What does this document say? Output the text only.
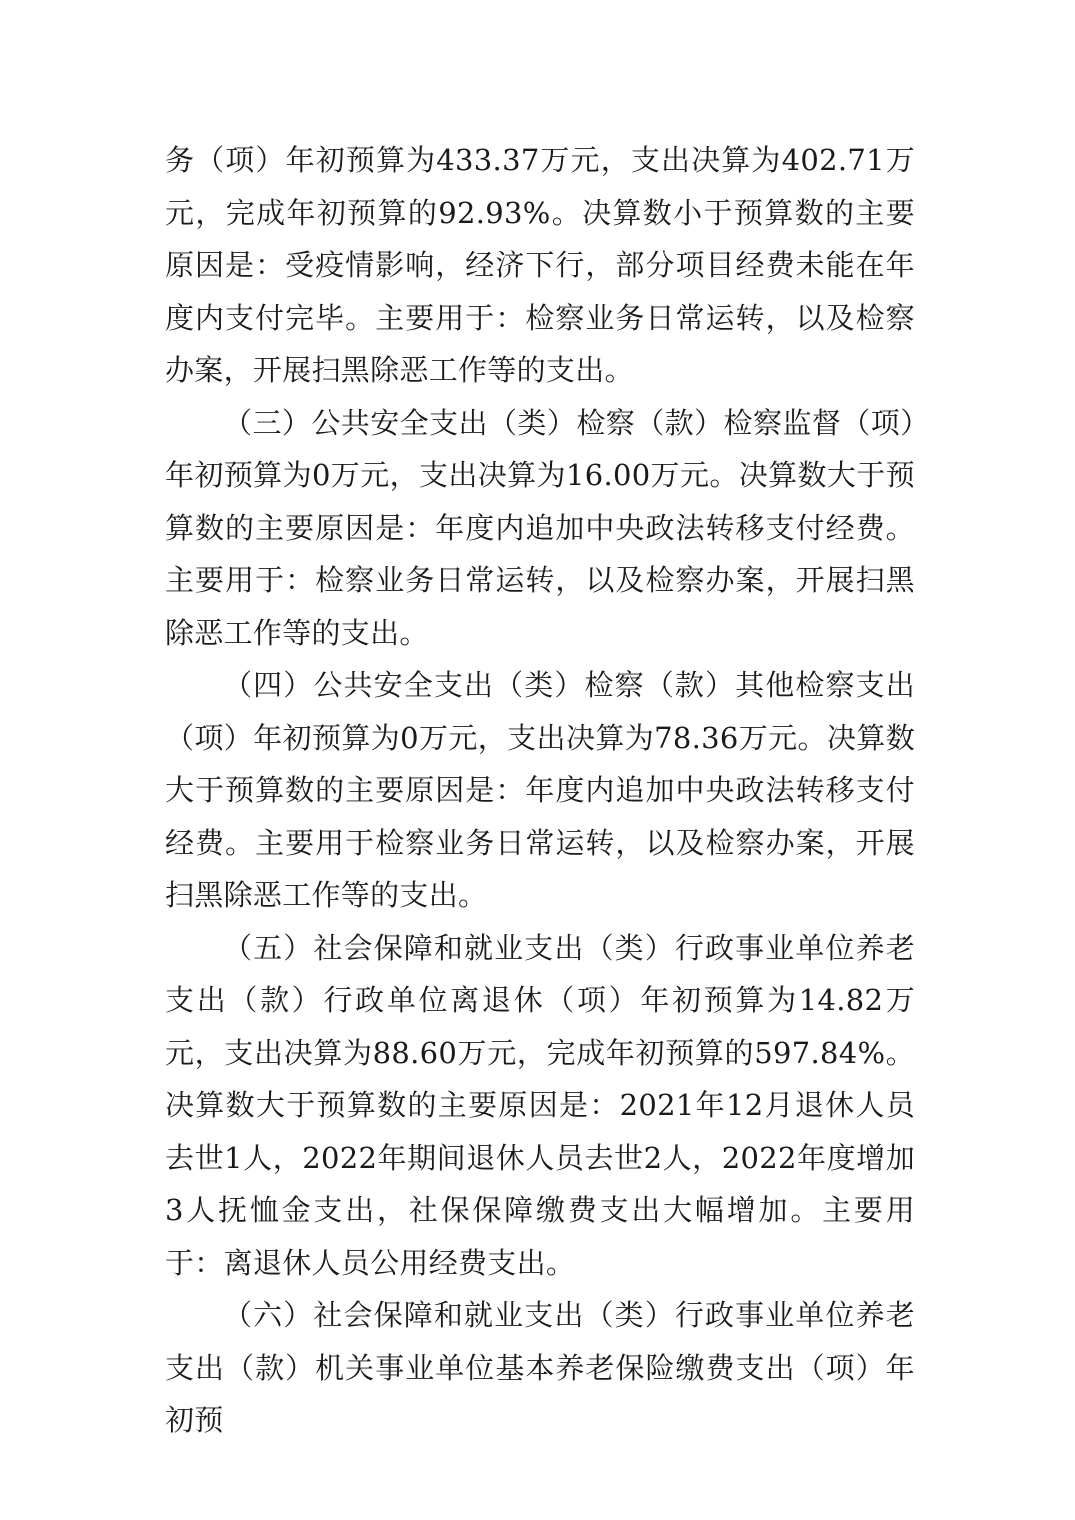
务（项）年初预算为433.37万元，支出决算为402.71万元，完成年初预算的92.93%。决算数小于预算数的主要原因是：受疫情影响，经济下行，部分项目经费未能在年度内支付完毕。主要用于：检察业务日常运转，以及检察办案，开展扫黑除恶工作等的支出。

（三）公共安全支出（类）检察（款）检察监督（项）年初预算为0万元，支出决算为16.00万元。决算数大于预算数的主要原因是：年度内追加中央政法转移支付经费。主要用于：检察业务日常运转，以及检察办案，开展扫黑除恶工作等的支出。

（四）公共安全支出（类）检察（款）其他检察支出（项）年初预算为0万元，支出决算为78.36万元。决算数大于预算数的主要原因是：年度内追加中央政法转移支付经费。主要用于检察业务日常运转，以及检察办案，开展扫黑除恶工作等的支出。

（五）社会保障和就业支出（类）行政事业单位养老支出（款）行政单位离退休（项）年初预算为14.82万元，支出决算为88.60万元，完成年初预算的597.84%。决算数大于预算数的主要原因是：2021年12月退休人员去世1人，2022年期间退休人员去世2人，2022年度增加3人抚恤金支出，社保保障缴费支出大幅增加。主要用于：离退休人员公用经费支出。

（六）社会保障和就业支出（类）行政事业单位养老支出（款）机关事业单位基本养老保险缴费支出（项）年初预
